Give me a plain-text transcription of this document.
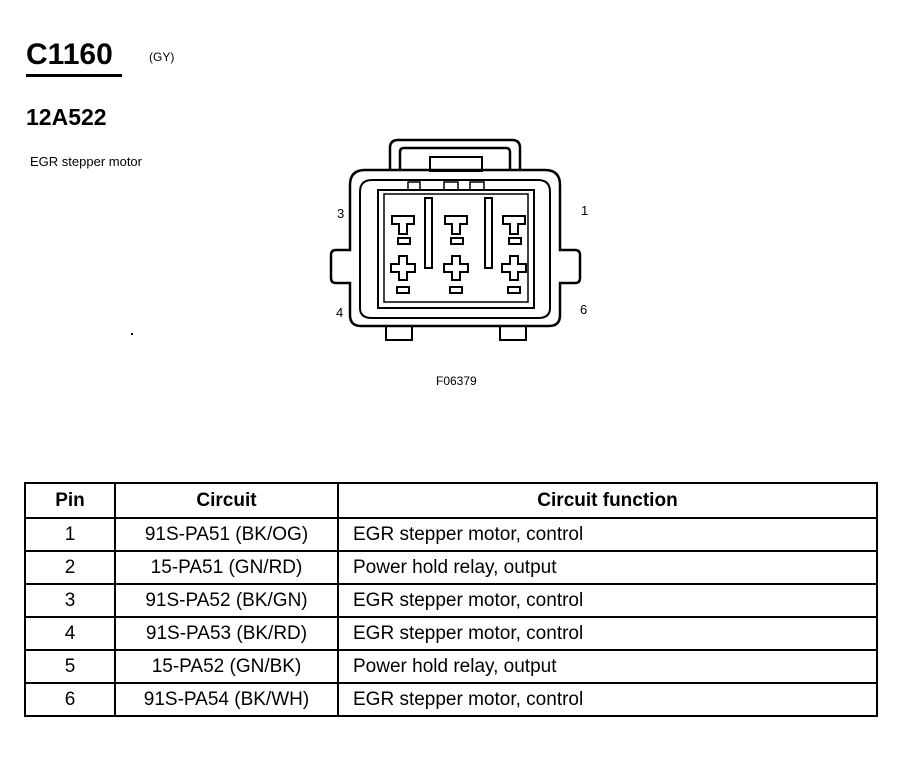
C1160	(GY)
12A522
EGR stepper motor
3	1
4	6
F06379
Pin	Circuit	Circuit function
1	91S-PA51 (BK/OG)	EGR stepper motor, control
2	15-PA51 (GN/RD)	Power hold relay, output
3	91S-PA52 (BK/GN)	EGR stepper motor, control
4	91S-PA53 (BK/RD)	EGR stepper motor, control
5	15-PA52 (GN/BK)	Power hold relay, output
6	91S-PA54 (BK/WH)	EGR stepper motor, control
